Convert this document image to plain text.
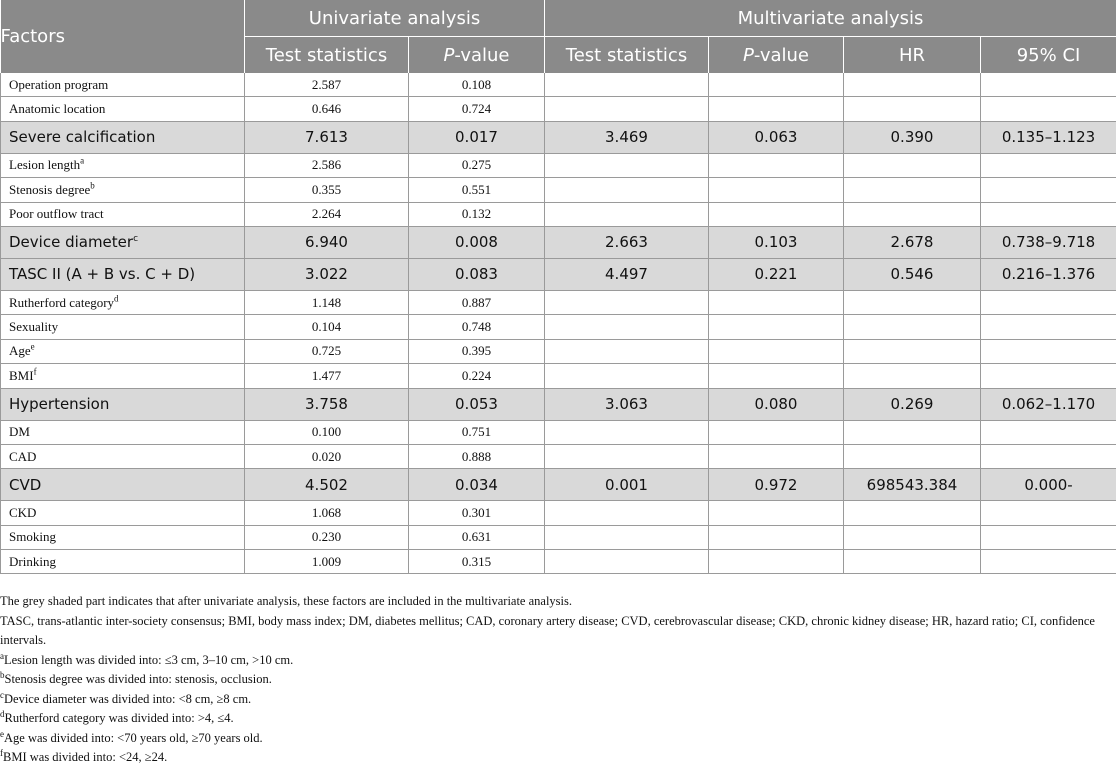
Factors	Univariate analysis		Multivariate analysis			
	Test statistics	P-value	Test statistics	P-value	HR	95% CI
Operation program	2.587	0.108				
Anatomic location	0.646	0.724				
Severe calcification	7.613	0.017	3.469	0.063	0.390	0.135–1.123
Lesion length$^a$	2.586	0.275				
Stenosis degree$^b$	0.355	0.551				
Poor outflow tract	2.264	0.132				
Device diameter$^c$	6.940	0.008	2.663	0.103	2.678	0.738–9.718
TASC II (A + B vs. C + D)	3.022	0.083	4.497	0.221	0.546	0.216–1.376
Rutherford category$^d$	1.148	0.887				
Sexuality	0.104	0.748				
Age$^e$	0.725	0.395				
BMI$^f$	1.477	0.224				
Hypertension	3.758	0.053	3.063	0.080	0.269	0.062–1.170
DM	0.100	0.751				
CAD	0.020	0.888				
CVD	4.502	0.034	0.001	0.972	698543.384	0.000-
CKD	1.068	0.301				
Smoking	0.230	0.631				
Drinking	1.009	0.315				

The grey shaded part indicates that after univariate analysis, these factors are included in the multivariate analysis.

TASC, trans-atlantic inter-society consensus; BMI, body mass index; DM, diabetes mellitus; CAD, coronary artery disease; CVD, cerebrovascular disease; CKD, chronic kidney disease; HR, hazard ratio; CI, confidence intervals.

$^a$Lesion length was divided into: ≤3 cm, 3–10 cm, >10 cm.

$^b$Stenosis degree was divided into: stenosis, occlusion.

$^c$Device diameter was divided into: <8 cm, ≥8 cm.

$^d$Rutherford category was divided into: >4, ≤4.

$^e$Age was divided into: <70 years old, ≥70 years old.

$^f$BMI was divided into: <24, ≥24.
